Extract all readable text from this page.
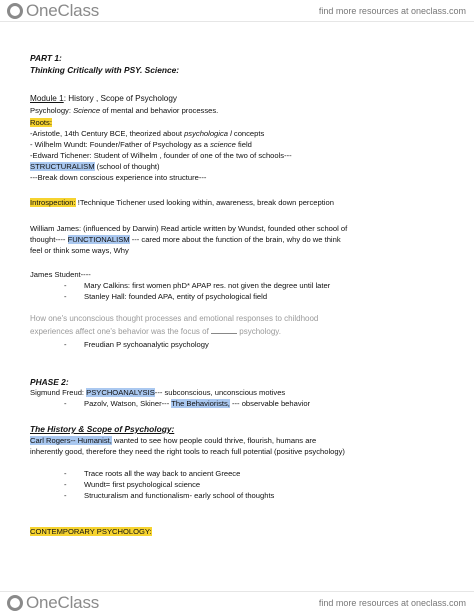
OneClass	find more resources at oneclass.com
PART 1:
Thinking Critically with PSY. Science:
Module 1: History , Scope of Psychology
Psychology: Science of mental and behavior processes.
Roots:
-Aristotle, 14th Century BCE, theorized about psychologica l concepts
- Wilhelm Wundt: Founder/Father of Psychology as a science field
-Edward Tichener: Student of Wilhelm , founder of one of the two of schools---
STRUCTURALISM (school of thought)
---Break down conscious experience into structure---
Introspection: !Technique Tichener used looking within, awareness, break down perception
William James: (influenced by Darwin) Read article written by Wundst, founded other school of
thought---- FUNCTIONALISM --- cared more about the function of the brain, why do we think
feel or think some ways, Why
James Student----
- Mary Calkins: first women phD* APAP res. not given the degree until later
- Stanley Hall: founded APA, entity of psychological field
How one's unconscious thought processes and emotional responses to childhood
experiences affect one's behavior was the focus of	psychology.
- Freudian P sychoanalytic psychology
PHASE 2:
Sigmund Freud: PSYCHOANALYSIS--- subconscious, unconscious motives
- Pazolv, Watson, Skiner--- The Behaviorists, --- observable behavior
The History & Scope of Psychology:
Carl Rogers-- Humanist, wanted to see how people could thrive, flourish, humans are
inherently good, therefore they need the right tools to reach full potential (positive psychology)
- Trace roots all the way back to ancient Greece
- Wundt= first psychological science
- Structuralism and functionalism- early school of thoughts
CONTEMPORARY PSYCHOLOGY:
OneClass	find more resources at oneclass.com
